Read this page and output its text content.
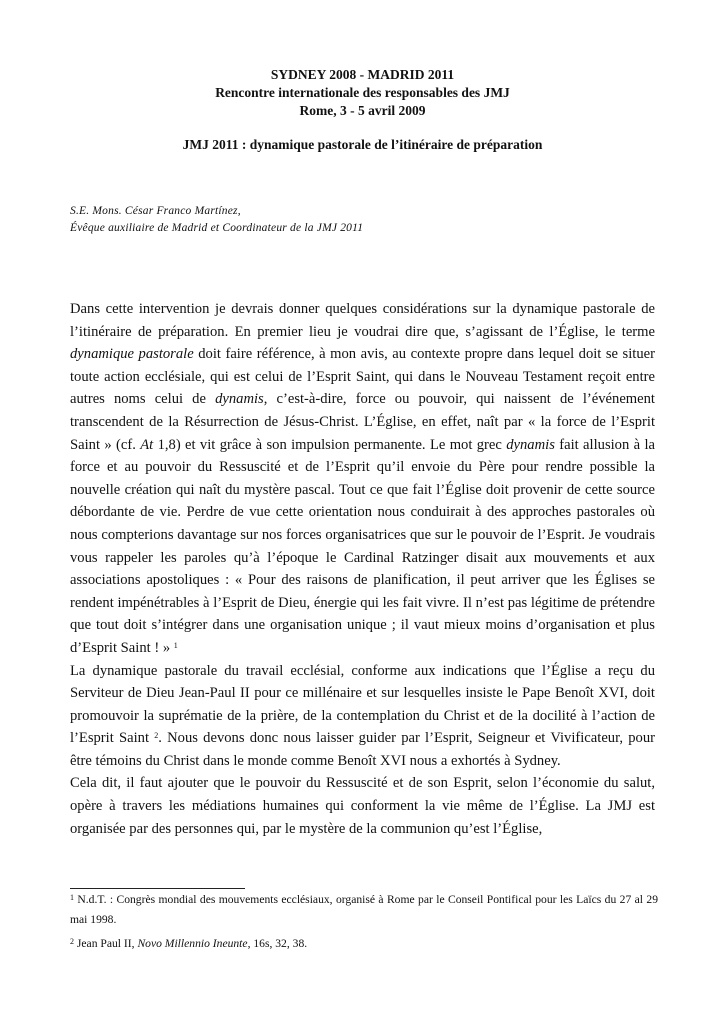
SYDNEY 2008 - MADRID 2011
Rencontre internationale des responsables des JMJ
Rome, 3 - 5 avril 2009
JMJ 2011 : dynamique pastorale de l’itinéraire de préparation
S.E. Mons. César Franco Martínez,
Évêque auxiliaire de Madrid et Coordinateur de la JMJ 2011

Dans cette intervention je devrais donner quelques considérations sur la dynamique pastorale de l’itinéraire de préparation. En premier lieu je voudrai dire que, s’agissant de l’Église, le terme dynamique pastorale doit faire référence, à mon avis, au contexte propre dans lequel doit se situer toute action ecclésiale, qui est celui de l’Esprit Saint, qui dans le Nouveau Testament reçoit entre autres noms celui de dynamis, c’est-à-dire, force ou pouvoir, qui naissent de l’événement transcendent de la Résurrection de Jésus-Christ. L’Église, en effet, naît par « la force de l’Esprit Saint » (cf. At 1,8) et vit grâce à son impulsion permanente. Le mot grec dynamis fait allusion à la force et au pouvoir du Ressuscité et de l’Esprit qu’il envoie du Père pour rendre possible la nouvelle création qui naît du mystère pascal. Tout ce que fait l’Église doit provenir de cette source débordante de vie. Perdre de vue cette orientation nous conduirait à des approches pastorales où nous compterions davantage sur nos forces organisatrices que sur le pouvoir de l’Esprit. Je voudrais vous rappeler les paroles qu’à l’époque le Cardinal Ratzinger disait aux mouvements et aux associations apostoliques : « Pour des raisons de planification, il peut arriver que les Églises se rendent impénétrables à l’Esprit de Dieu, énergie qui les fait vivre. Il n’est pas légitime de prétendre que tout doit s’intégrer dans une organisation unique ; il vaut mieux moins d’organisation et plus d’Esprit Saint ! » $^1$

La dynamique pastorale du travail ecclésial, conforme aux indications que l’Église a reçu du Serviteur de Dieu Jean-Paul II pour ce millénaire et sur lesquelles insiste le Pape Benoît XVI, doit promouvoir la suprématie de la prière, de la contemplation du Christ et de la docilité à l’action de l’Esprit Saint $^2$. Nous devons donc nous laisser guider par l’Esprit, Seigneur et Vivificateur, pour être témoins du Christ dans le monde comme Benoît XVI nous a exhortés à Sydney.

Cela dit, il faut ajouter que le pouvoir du Ressuscité et de son Esprit, selon l’économie du salut, opère à travers les médiations humaines qui conforment la vie même de l’Église. La JMJ est organisée par des personnes qui, par le mystère de la communion qu’est l’Église,

$^1$ N.d.T. : Congrès mondial des mouvements ecclésiaux, organisé à Rome par le Conseil Pontifical pour les Laïcs du 27 al 29 mai 1998.

$^2$ Jean Paul II, Novo Millennio Ineunte, 16s, 32, 38.
